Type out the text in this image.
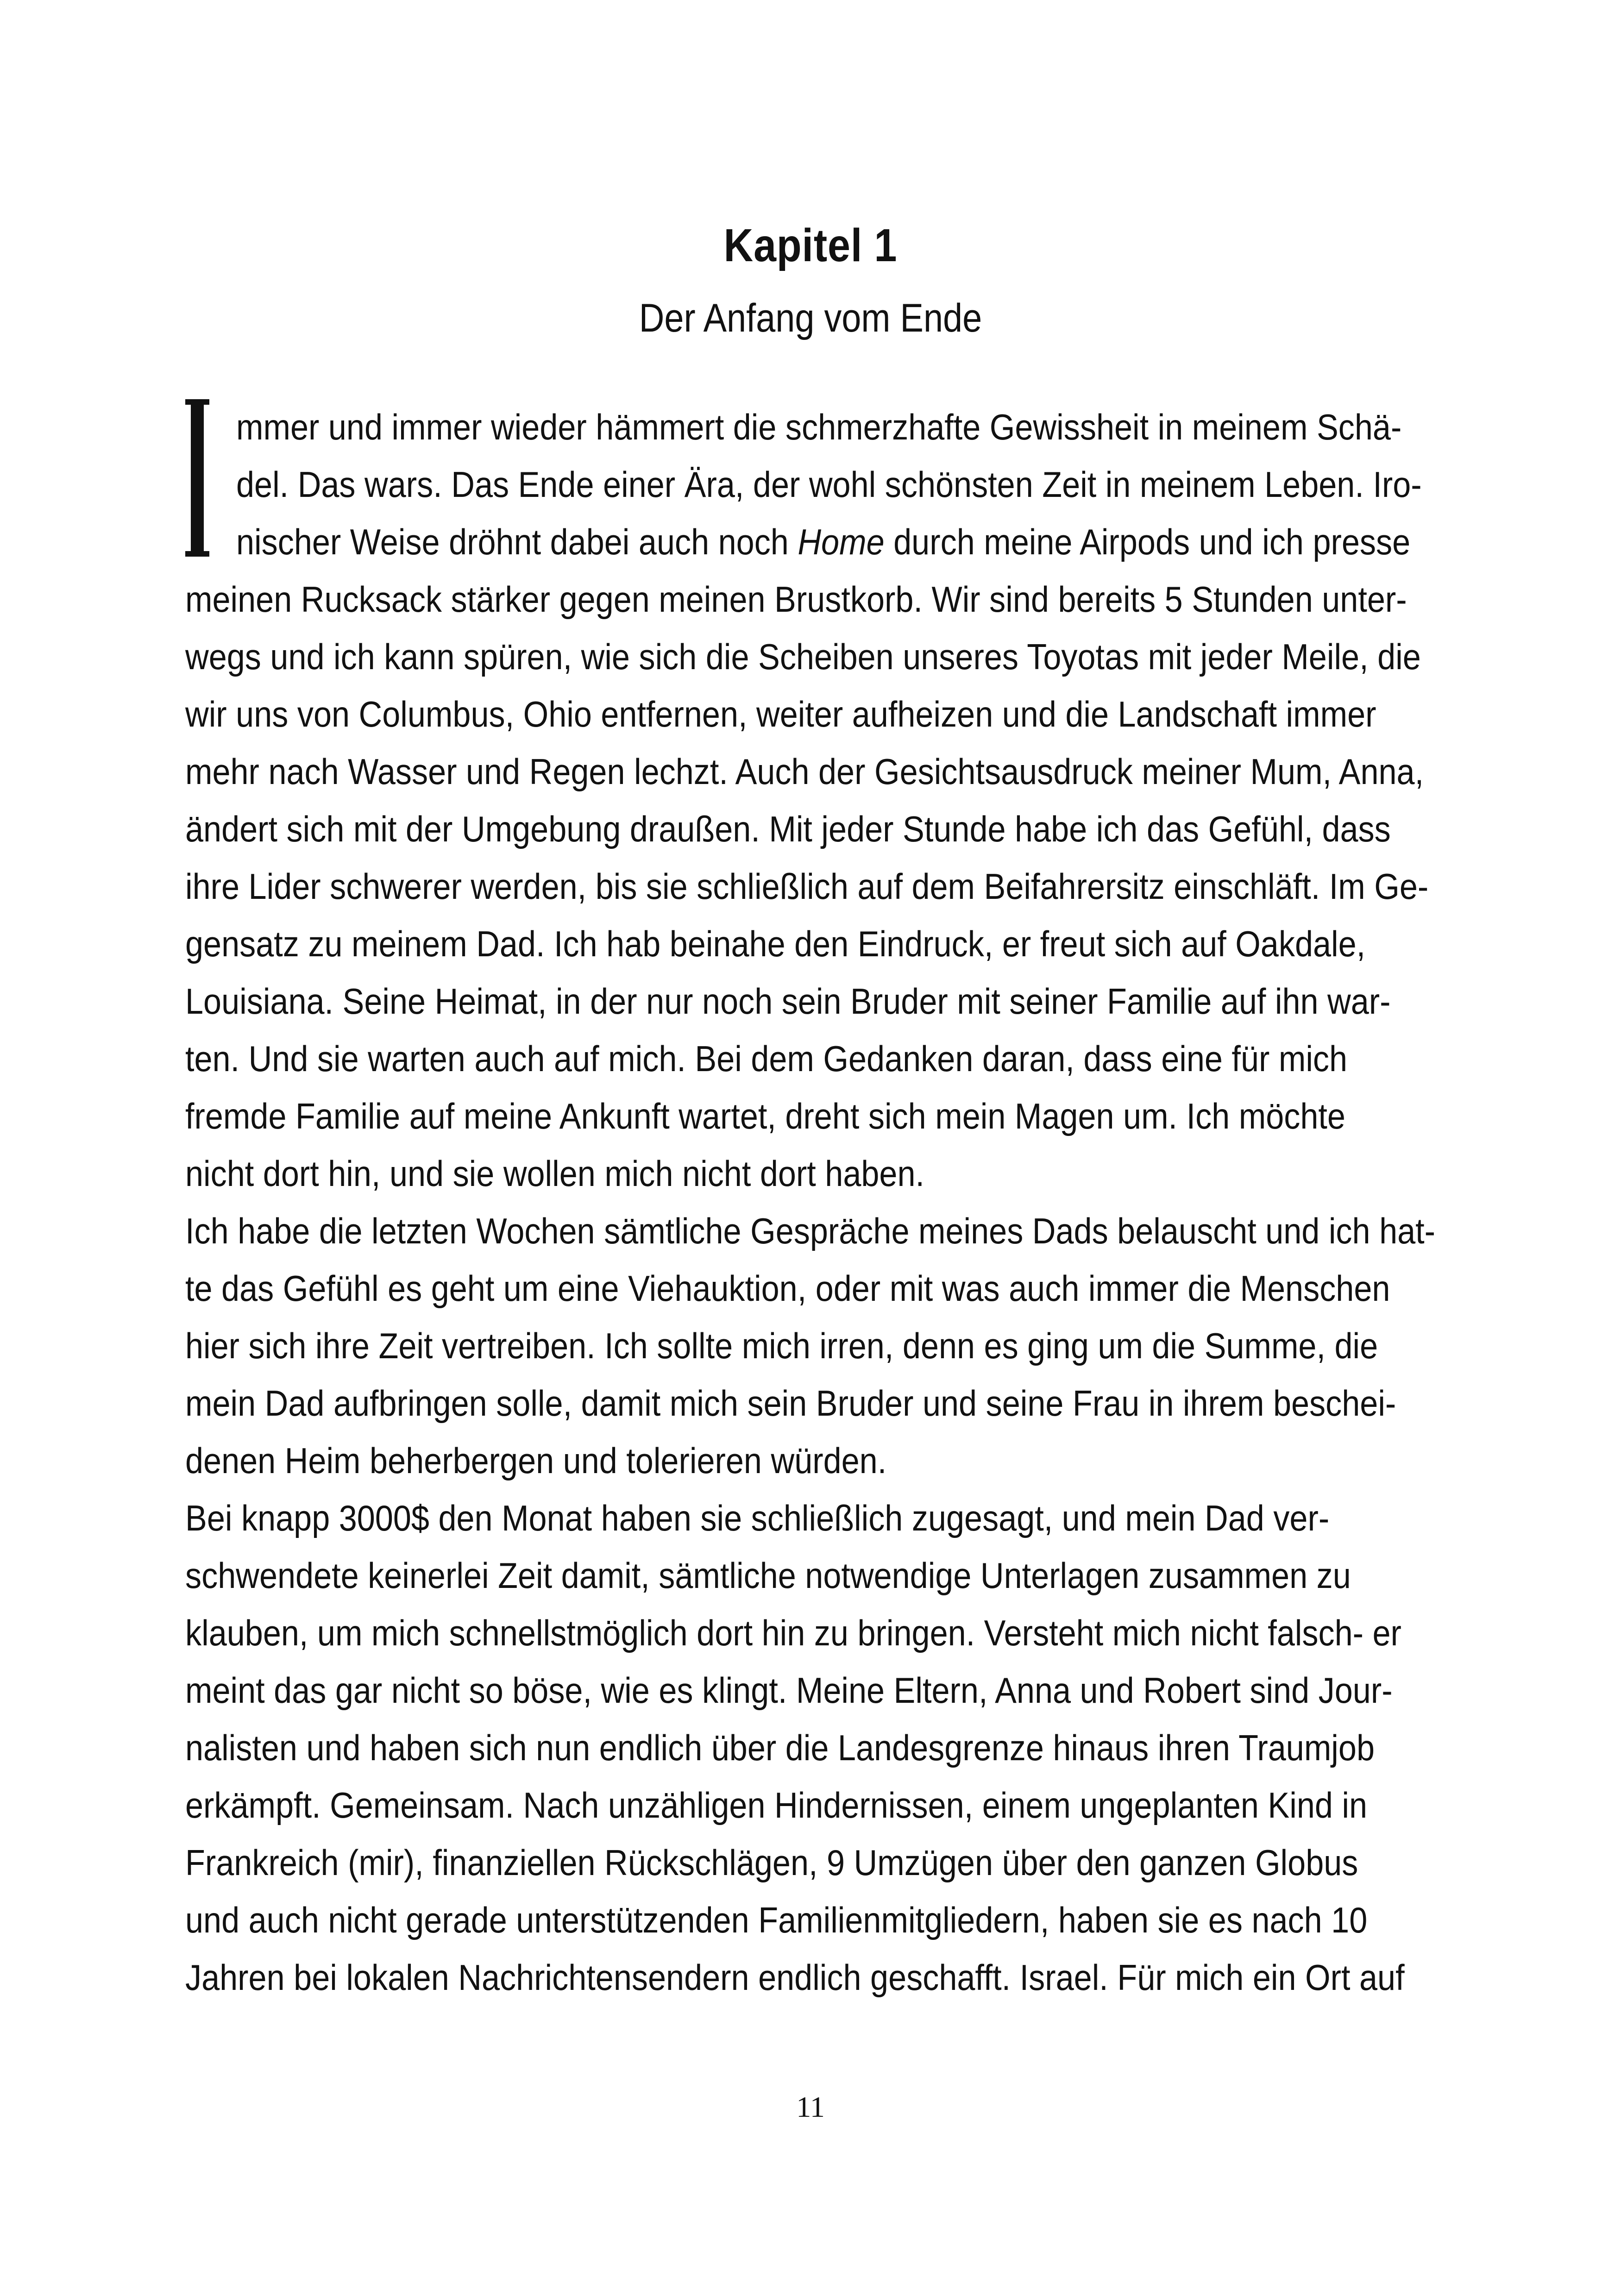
Kapitel 1
Der Anfang vom Ende
mmer und immer wieder hämmert die schmerzhafte Gewissheit in meinem Schä-
del. Das wars. Das Ende einer Ära, der wohl schönsten Zeit in meinem Leben. Iro-
nischer Weise dröhnt dabei auch noch Home durch meine Airpods und ich presse
meinen Rucksack stärker gegen meinen Brustkorb. Wir sind bereits 5 Stunden unter-
wegs und ich kann spüren, wie sich die Scheiben unseres Toyotas mit jeder Meile, die
wir uns von Columbus, Ohio entfernen, weiter aufheizen und die Landschaft immer
mehr nach Wasser und Regen lechzt. Auch der Gesichtsausdruck meiner Mum, Anna,
ändert sich mit der Umgebung draußen. Mit jeder Stunde habe ich das Gefühl, dass
ihre Lider schwerer werden, bis sie schließlich auf dem Beifahrersitz einschläft. Im Ge-
gensatz zu meinem Dad. Ich hab beinahe den Eindruck, er freut sich auf Oakdale,
Louisiana. Seine Heimat, in der nur noch sein Bruder mit seiner Familie auf ihn war-
ten. Und sie warten auch auf mich. Bei dem Gedanken daran, dass eine für mich
fremde Familie auf meine Ankunft wartet, dreht sich mein Magen um. Ich möchte
nicht dort hin, und sie wollen mich nicht dort haben.
Ich habe die letzten Wochen sämtliche Gespräche meines Dads belauscht und ich hat-
te das Gefühl es geht um eine Viehauktion, oder mit was auch immer die Menschen
hier sich ihre Zeit vertreiben. Ich sollte mich irren, denn es ging um die Summe, die
mein Dad aufbringen solle, damit mich sein Bruder und seine Frau in ihrem beschei-
denen Heim beherbergen und tolerieren würden.
Bei knapp 3000$ den Monat haben sie schließlich zugesagt, und mein Dad ver-
schwendete keinerlei Zeit damit, sämtliche notwendige Unterlagen zusammen zu
klauben, um mich schnellstmöglich dort hin zu bringen. Versteht mich nicht falsch- er
meint das gar nicht so böse, wie es klingt. Meine Eltern, Anna und Robert sind Jour-
nalisten und haben sich nun endlich über die Landesgrenze hinaus ihren Traumjob
erkämpft. Gemeinsam. Nach unzähligen Hindernissen, einem ungeplanten Kind in
Frankreich (mir), finanziellen Rückschlägen, 9 Umzügen über den ganzen Globus
und auch nicht gerade unterstützenden Familienmitgliedern, haben sie es nach 10
Jahren bei lokalen Nachrichtensendern endlich geschafft. Israel. Für mich ein Ort auf
11
